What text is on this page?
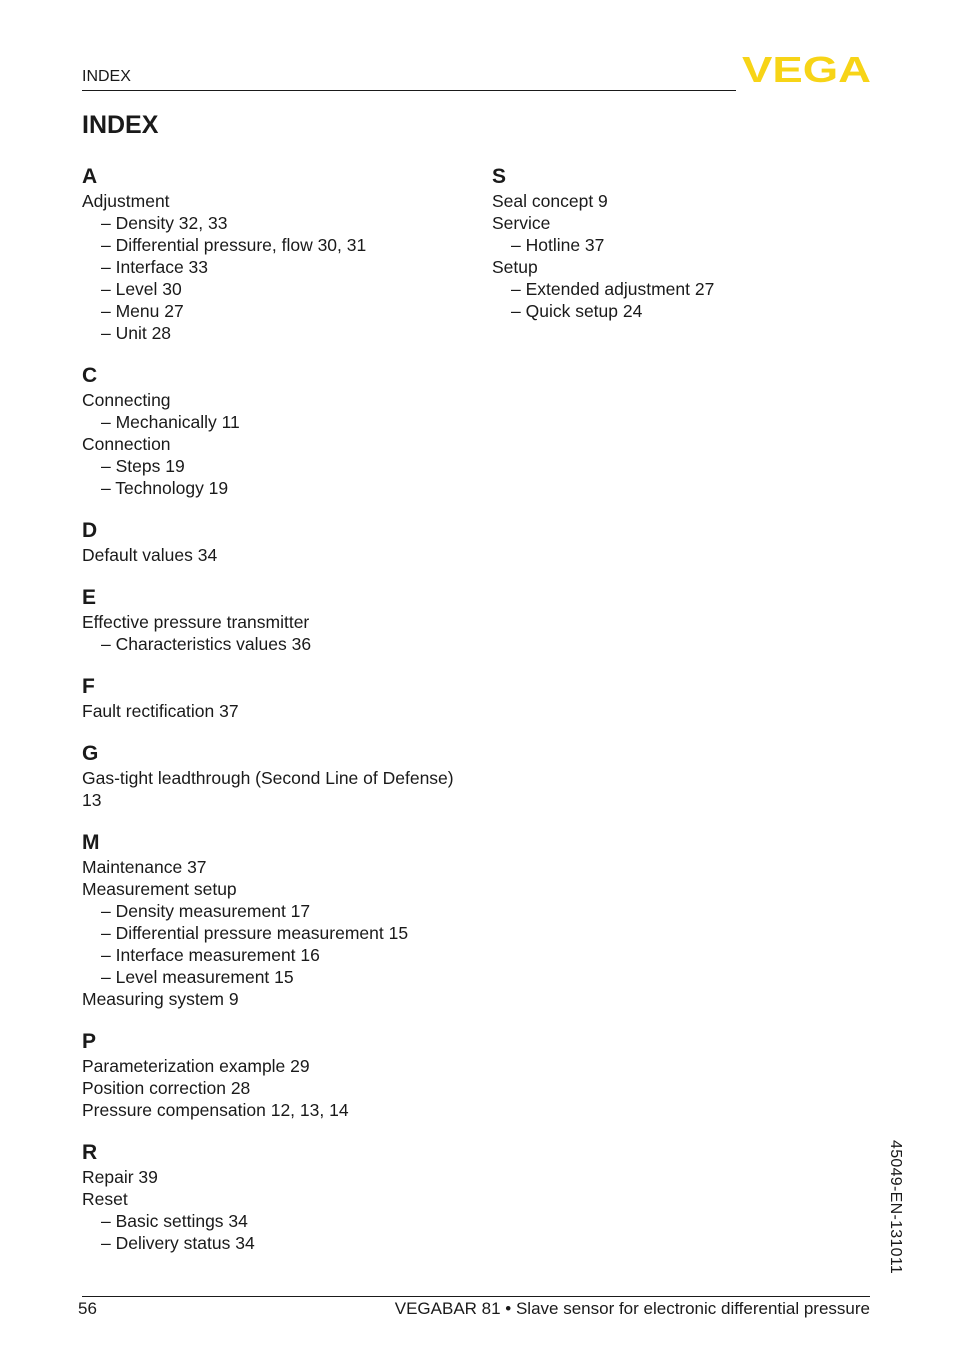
INDEX	VEGA
INDEX
A
Adjustment
– Density 32, 33
– Differential pressure, flow 30, 31
– Interface 33
– Level 30
– Menu 27
– Unit 28
C
Connecting
– Mechanically 11
Connection
– Steps 19
– Technology 19
D
Default values 34
E
Effective pressure transmitter
– Characteristics values 36
F
Fault rectification 37
G
Gas-tight leadthrough (Second Line of Defense)
13
M
Maintenance 37
Measurement setup
– Density measurement 17
– Differential pressure measurement 15
– Interface measurement 16
– Level measurement 15
Measuring system 9
P
Parameterization example 29
Position correction 28
Pressure compensation 12, 13, 14
R
Repair 39
Reset
– Basic settings 34
– Delivery status 34
S
Seal concept 9
Service
– Hotline 37
Setup
– Extended adjustment 27
– Quick setup 24
45049-EN-131011
56	VEGABAR 81 • Slave sensor for electronic differential pressure
